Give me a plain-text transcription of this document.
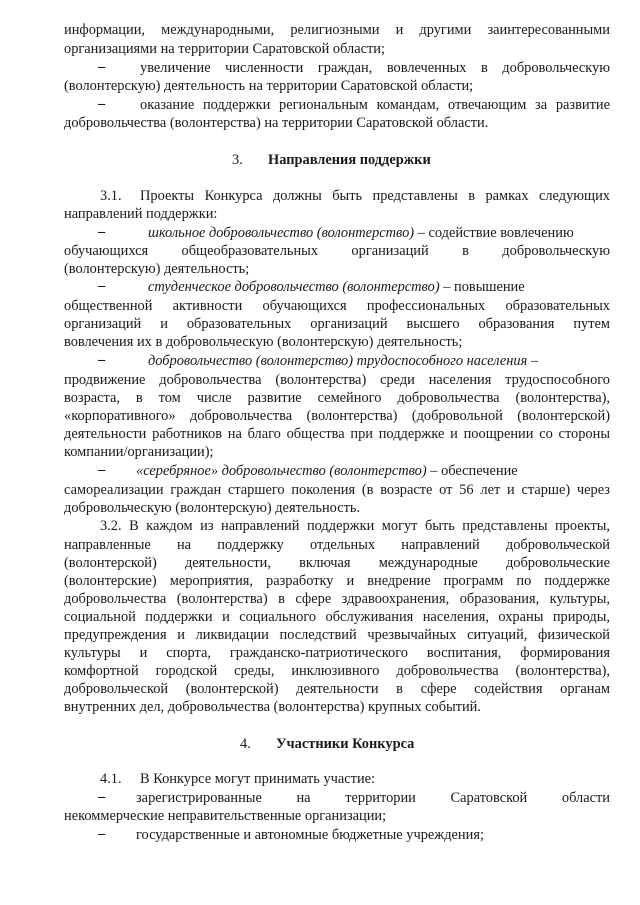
информации, международными, религиозными и другими заинтересованными
организациями на территории Саратовской области;
– увеличение численности граждан, вовлеченных в добровольческую
(волонтерскую) деятельность на территории Саратовской области;
– оказание поддержки региональным командам, отвечающим за развитие
добровольчества (волонтерства) на территории Саратовской области.
3. Направления поддержки
3.1. Проекты Конкурса должны быть представлены в рамках следующих
направлений поддержки:
–	школьное добровольчество (волонтерство) – содействие вовлечению
обучающихся общеобразовательных организаций в добровольческую
(волонтерскую) деятельность;
–	студенческое добровольчество (волонтерство) – повышение
общественной активности обучающихся профессиональных образовательных
организаций и образовательных организаций высшего образования путем
вовлечения их в добровольческую (волонтерскую) деятельность;
–	добровольчество (волонтерство) трудоспособного населения –
продвижение добровольчества (волонтерства) среди населения трудоспособного
возраста, в том числе развитие семейного добровольчества (волонтерства),
«корпоративного» добровольчества (волонтерства) (добровольной (волонтерской)
деятельности работников на благо общества при поддержке и поощрении со стороны
компании/организации);
– «серебряное» добровольчество (волонтерство) – обеспечение
самореализации граждан старшего поколения (в возрасте от 56 лет и старше) через
добровольческую (волонтерскую) деятельность.
3.2. В каждом из направлений поддержки могут быть представлены проекты,
направленные на поддержку отдельных направлений добровольческой
(волонтерской) деятельности, включая международные добровольческие
(волонтерские) мероприятия, разработку и внедрение программ по поддержке
добровольчества (волонтерства) в сфере здравоохранения, образования, культуры,
социальной поддержки и социального обслуживания населения, охраны природы,
предупреждения и ликвидации последствий чрезвычайных ситуаций, физической
культуры и спорта, гражданско-патриотического воспитания, формирования
комфортной городской среды, инклюзивного добровольчества (волонтерства),
добровольческой (волонтерской) деятельности в сфере содействия органам
внутренних дел, добровольчества (волонтерства) крупных событий.
4. Участники Конкурса
4.1. В Конкурсе могут принимать участие:
– зарегистрированные на территории Саратовской области
некоммерческие неправительственные организации;
– государственные и автономные бюджетные учреждения;
